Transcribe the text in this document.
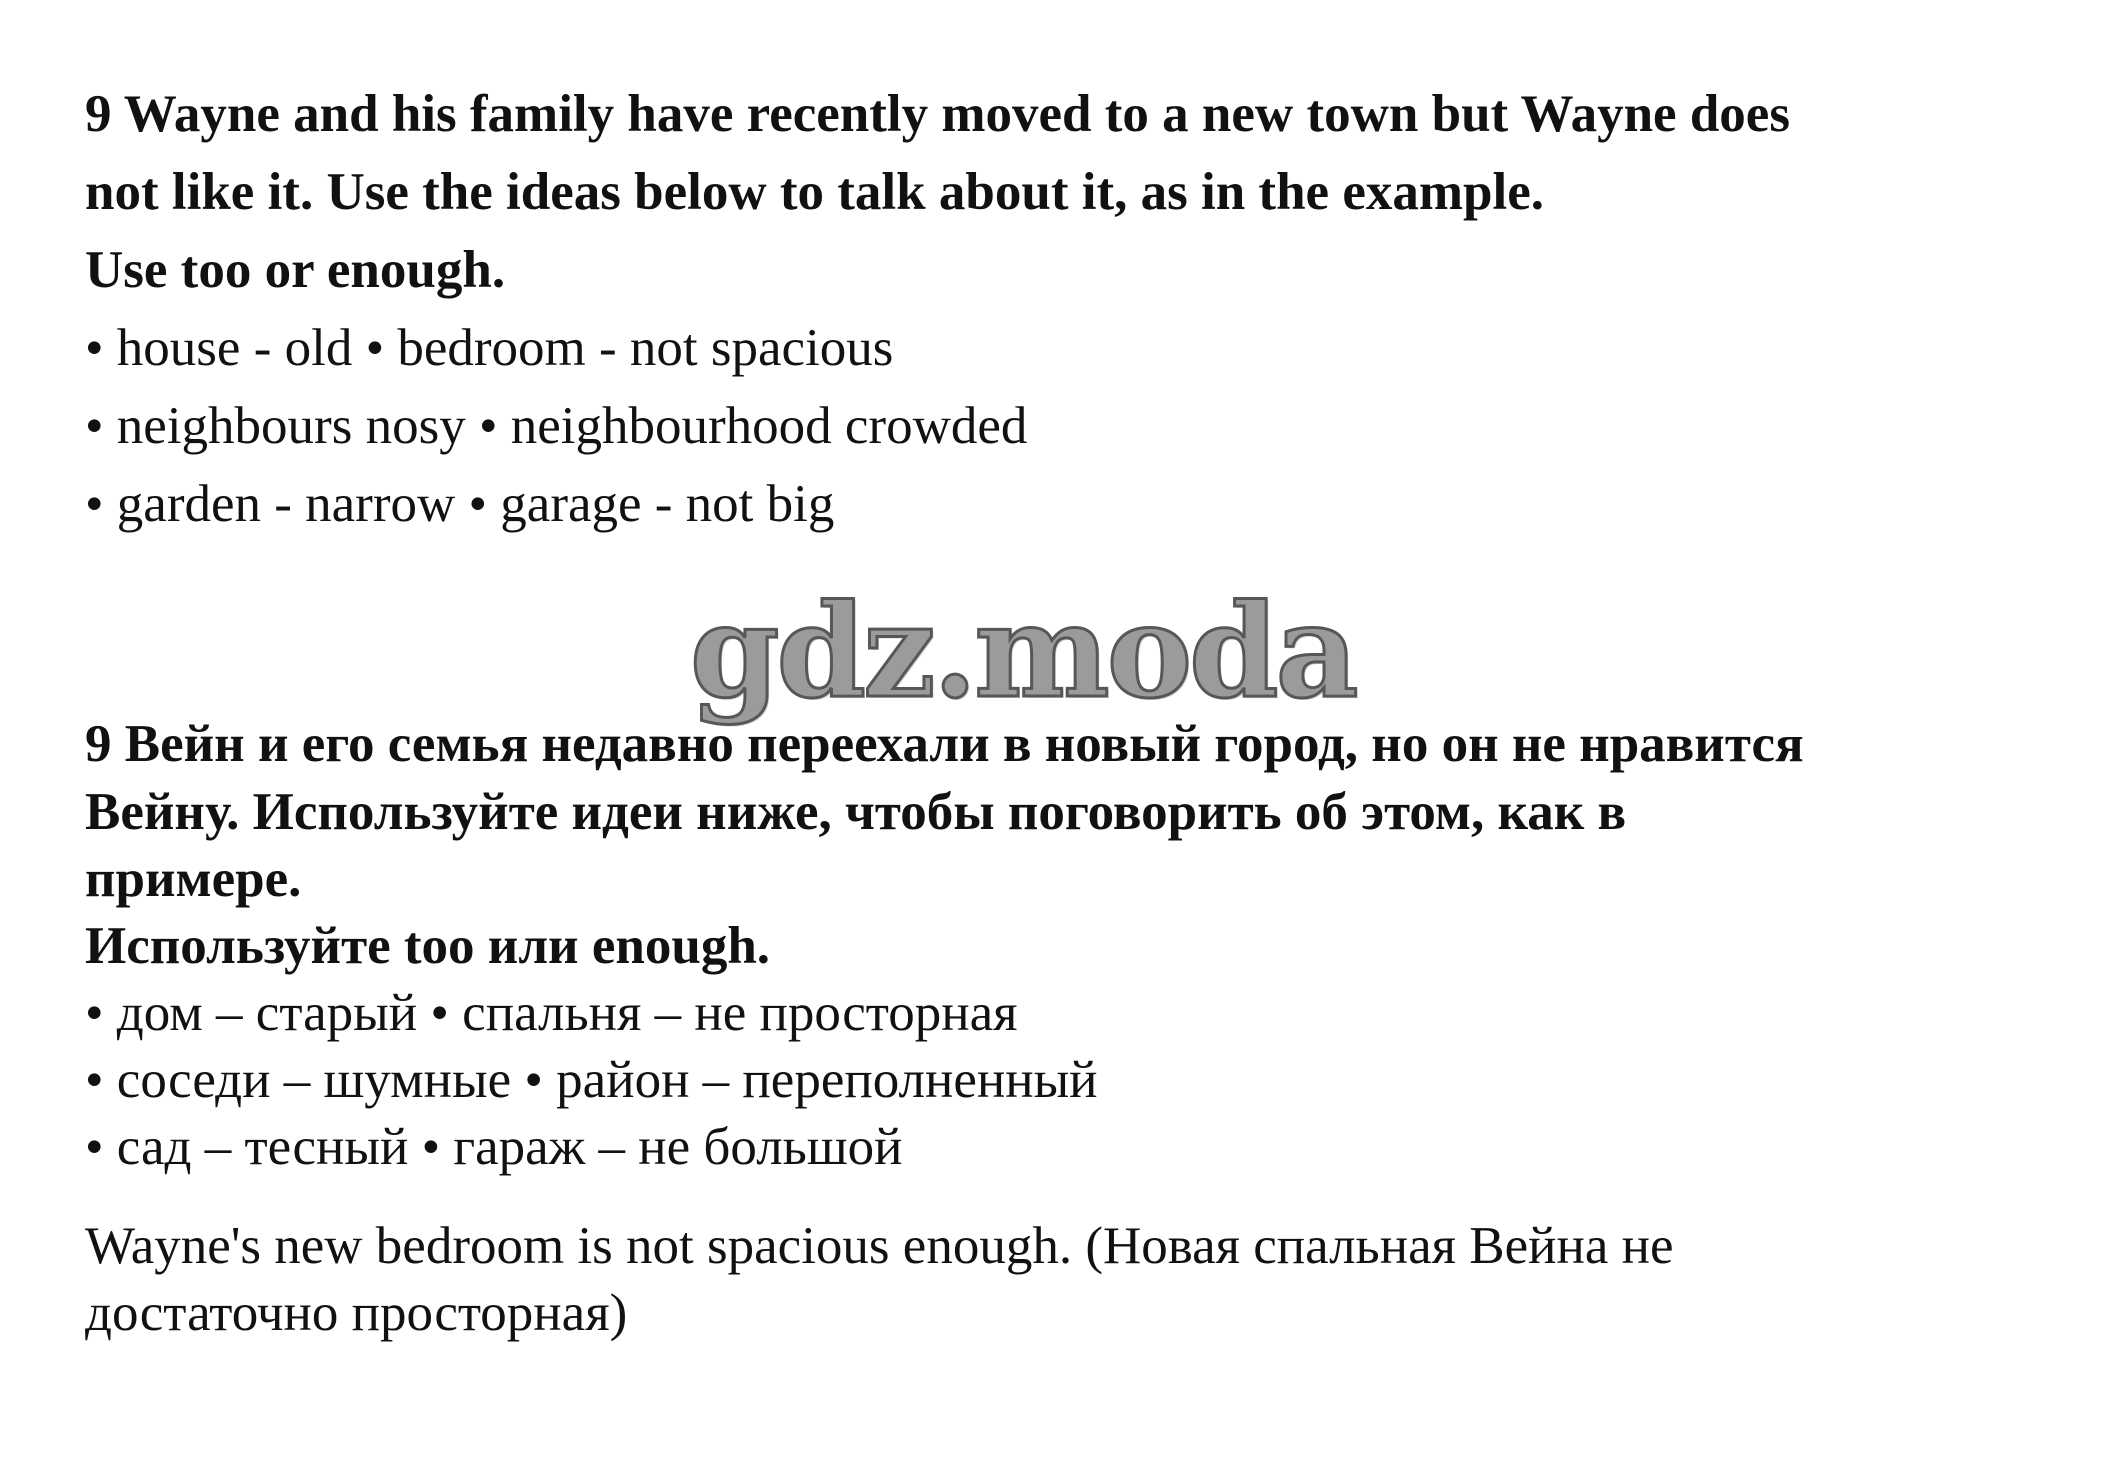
9 Wayne and his family have recently moved to a new town but Wayne does
not like it. Use the ideas below to talk about it, as in the example.
Use too or enough.
• house - old • bedroom - not spacious
• neighbours nosy • neighbourhood crowded
• garden - narrow • garage - not big
9 Вейн и его семья недавно переехали в новый город, но он не нравится
Вейну. Используйте идеи ниже, чтобы поговорить об этом, как в
примере.
Используйте too или enough.
• дом – старый • спальня – не просторная
• соседи – шумные • район – переполненный
• сад – тесный • гараж – не большой
Wayne's new bedroom is not spacious enough. (Новая спальная Вейна не
достаточно просторная)
gdz.moda
